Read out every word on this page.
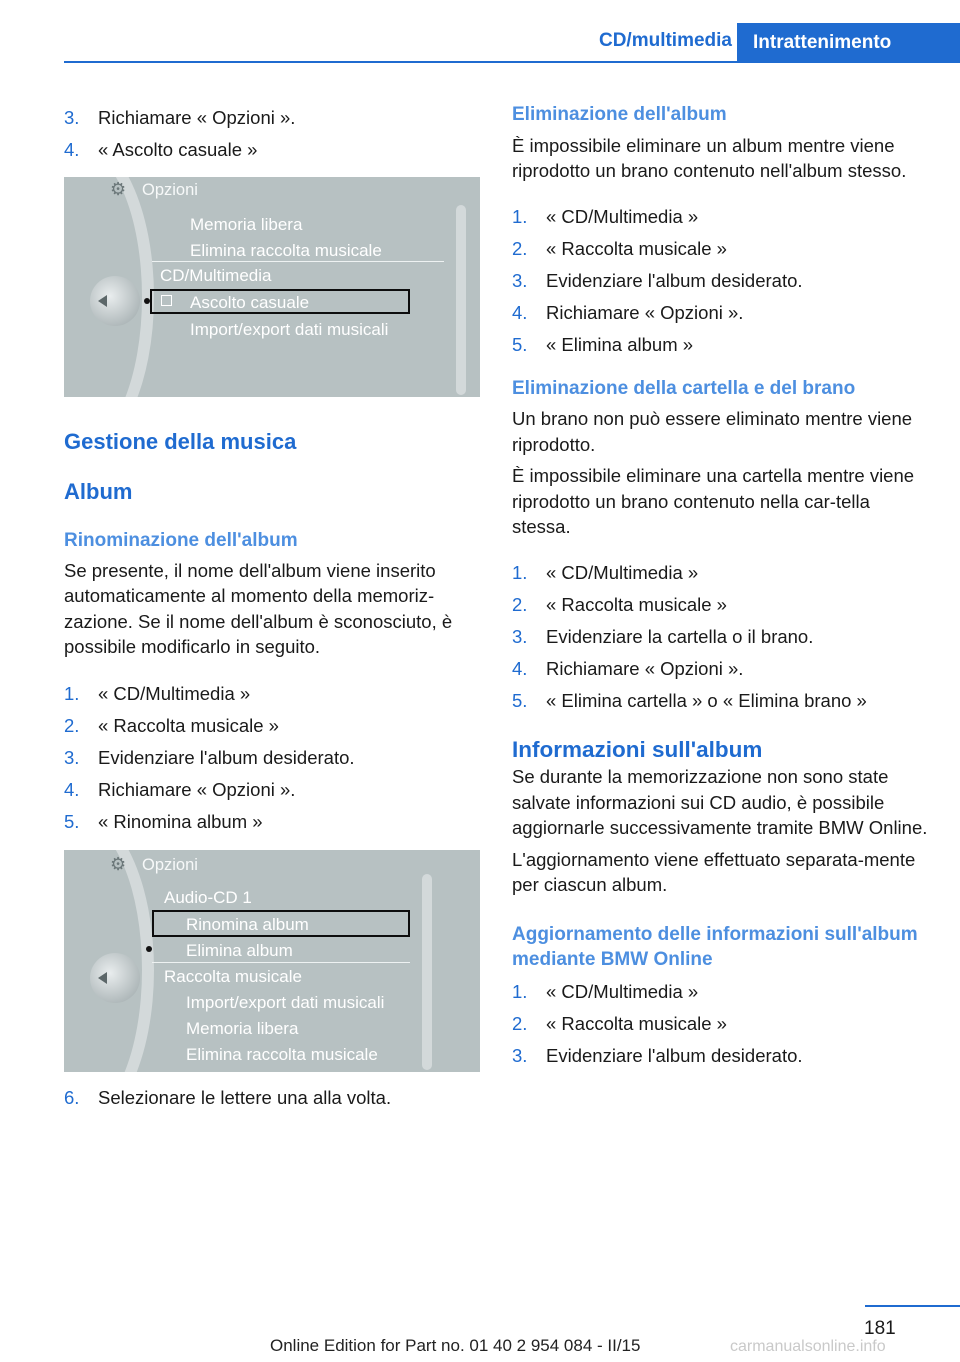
CD/multimedia	Intrattenimento
3. Richiamare « Opzioni ».
4. « Ascolto casuale »
⚙ Opzioni
Memoria libera
Elimina raccolta musicale
CD/Multimedia
Ascolto casuale
Import/export dati musicali
Gestione della musica
Album
Rinominazione dell'album

Se presente, il nome dell'album viene inserito automaticamente al momento della memoriz‐zazione. Se il nome dell'album è sconosciuto, è possibile modificarlo in seguito.

1. « CD/Multimedia »
2. « Raccolta musicale »
3. Evidenziare l'album desiderato.
4. Richiamare « Opzioni ».
5. « Rinomina album »
⚙ Opzioni
Audio-CD 1
Rinomina album
Elimina album
Raccolta musicale
Import/export dati musicali
Memoria libera
Elimina raccolta musicale
6. Selezionare le lettere una alla volta.
Eliminazione dell'album

È impossibile eliminare un album mentre viene riprodotto un brano contenuto nell'album stesso.

1. « CD/Multimedia »
2. « Raccolta musicale »
3. Evidenziare l'album desiderato.
4. Richiamare « Opzioni ».
5. « Elimina album »
Eliminazione della cartella e del brano

Un brano non può essere eliminato mentre viene riprodotto.

È impossibile eliminare una cartella mentre viene riprodotto un brano contenuto nella car‐tella stessa.

1. « CD/Multimedia »
2. « Raccolta musicale »
3. Evidenziare la cartella o il brano.
4. Richiamare « Opzioni ».
5. « Elimina cartella » o « Elimina brano »
Informazioni sull'album

Se durante la memorizzazione non sono state salvate informazioni sui CD audio, è possibile aggiornarle successivamente tramite BMW Online.

L'aggiornamento viene effettuato separata‐mente per ciascun album.

Aggiornamento delle informazioni sull'album mediante BMW Online
1. « CD/Multimedia »
2. « Raccolta musicale »
3. Evidenziare l'album desiderato.
181
Online Edition for Part no. 01 40 2 954 084 - II/15	carmanualsonline.info
